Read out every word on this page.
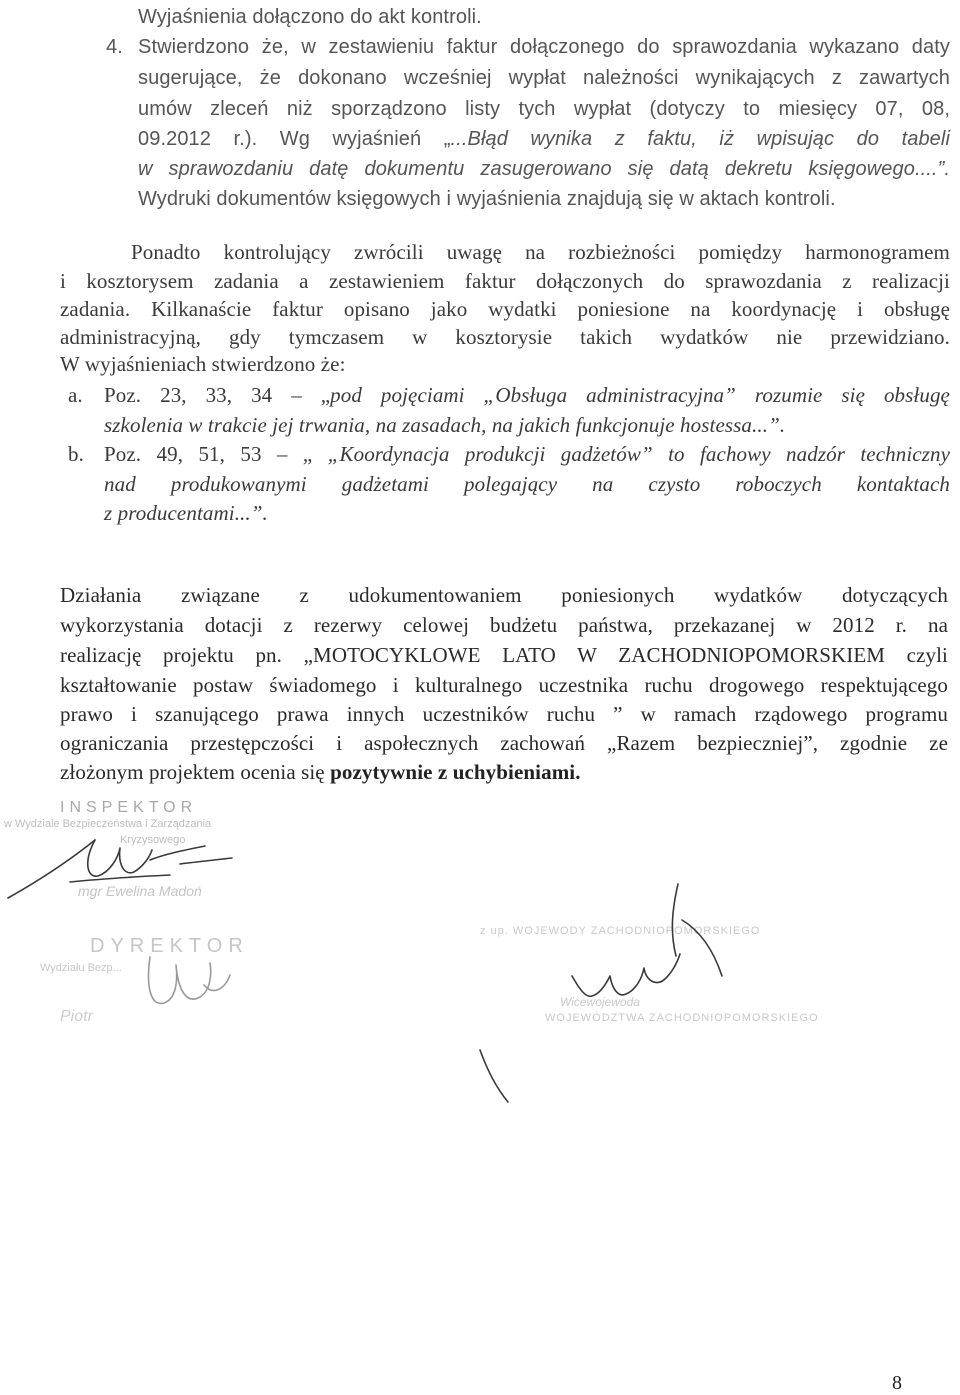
Wyjaśnienia dołączono do akt kontroli.
4. Stwierdzono że, w zestawieniu faktur dołączonego do sprawozdania wykazano daty
sugerujące, że dokonano wcześniej wypłat należności wynikających z zawartych
umów zleceń niż sporządzono listy tych wypłat (dotyczy to miesięcy 07, 08,
09.2012 r.). Wg wyjaśnień „...Błąd wynika z faktu, iż wpisując do tabeli
w sprawozdaniu datę dokumentu zasugerowano się datą dekretu księgowego....”.
Wydruki dokumentów księgowych i wyjaśnienia znajdują się w aktach kontroli.
Ponadto kontrolujący zwrócili uwagę na rozbieżności pomiędzy harmonogramem
i kosztorysem zadania a zestawieniem faktur dołączonych do sprawozdania z realizacji
zadania. Kilkanaście faktur opisano jako wydatki poniesione na koordynację i obsługę
administracyjną, gdy tymczasem w kosztorysie takich wydatków nie przewidziano.
W wyjaśnieniach stwierdzono że:
a. Poz. 23, 33, 34 – „pod pojęciami „Obsługa administracyjna” rozumie się obsługę
szkolenia w trakcie jej trwania, na zasadach, na jakich funkcjonuje hostessa...”.
b. Poz. 49, 51, 53 – „ „Koordynacja produkcji gadżetów” to fachowy nadzór techniczny
nad produkowanymi gadżetami polegający na czysto roboczych kontaktach
z producentami...”.
Działania związane z udokumentowaniem poniesionych wydatków dotyczących
wykorzystania dotacji z rezerwy celowej budżetu państwa, przekazanej w 2012 r. na
realizację projektu pn. „MOTOCYKLOWE LATO W ZACHODNIOPOMORSKIEM czyli
kształtowanie postaw świadomego i kulturalnego uczestnika ruchu drogowego respektującego
prawo i szanującego prawa innych uczestników ruchu ” w ramach rządowego programu
ograniczania przestępczości i aspołecznych zachowań „Razem bezpieczniej”, zgodnie ze
złożonym projektem ocenia się pozytywnie z uchybieniami.
INSPEKTOR
w Wydziale Bezpieczeństwa i Zarządzania
Kryzysowego
mgr Ewelina Madoń
DYREKTOR
Wydziału Bezp...
Piotr
z up. WOJEWODY ZACHODNIOPOMORSKIEGO
Wicewojewoda
WOJEWÓDZTWA ZACHODNIOPOMORSKIEGO
8
